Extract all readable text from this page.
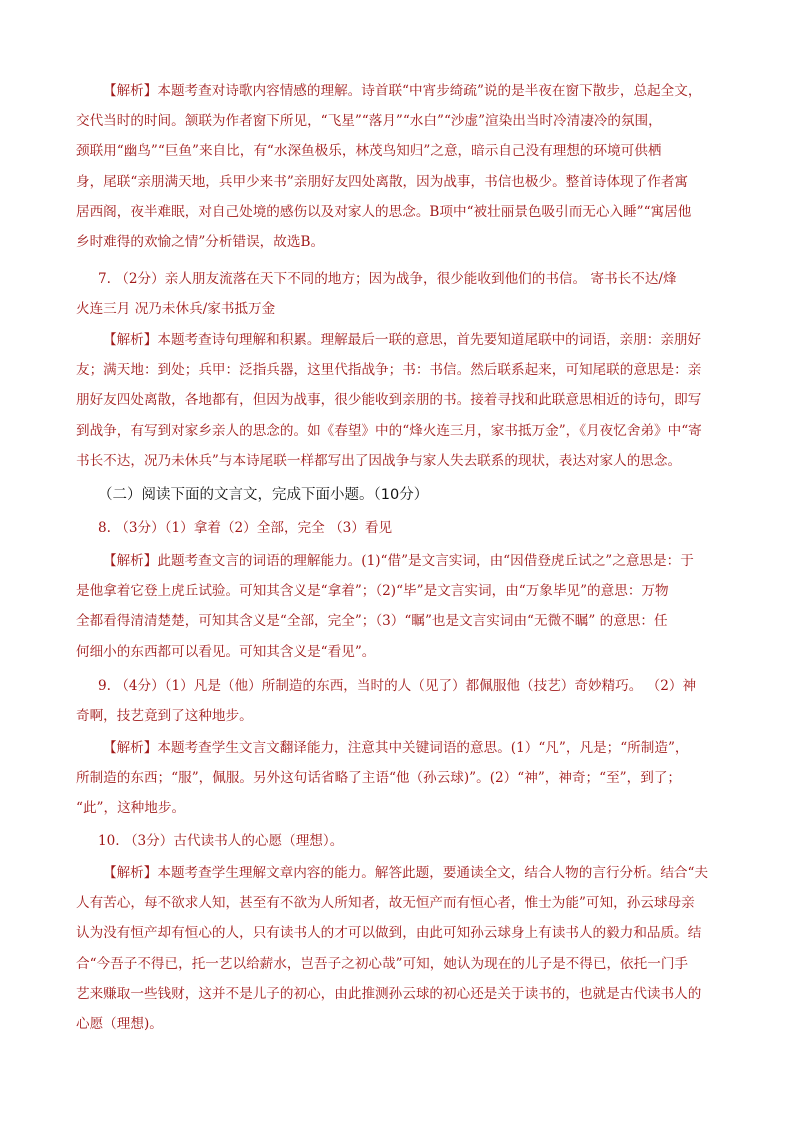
【解析】本题考查对诗歌内容情感的理解。诗首联“中宵步绮疏”说的是半夜在窗下散步，总起全文，
交代当时的时间。颔联为作者窗下所见，“飞星”“落月”“水白”“沙虚”渲染出当时冷清凄冷的氛围，
颈联用“幽鸟”“巨鱼”来自比，有“水深鱼极乐，林茂鸟知归”之意，暗示自己没有理想的环境可供栖
身，尾联“亲朋满天地，兵甲少来书”亲朋好友四处离散，因为战事，书信也极少。整首诗体现了作者寓
居西阁，夜半难眠，对自己处境的感伤以及对家人的思念。B项中“被壮丽景色吸引而无心入睡”“寓居他
乡时难得的欢愉之情”分析错误，故选B。
7. （2分）亲人朋友流落在天下不同的地方；因为战争，很少能收到他们的书信。 寄书长不达/烽
火连三月 况乃未休兵/家书抵万金
【解析】本题考查诗句理解和积累。理解最后一联的意思，首先要知道尾联中的词语，亲朋：亲朋好
友；满天地：到处；兵甲：泛指兵器，这里代指战争；书：书信。然后联系起来，可知尾联的意思是：亲
朋好友四处离散，各地都有，但因为战事，很少能收到亲朋的书。接着寻找和此联意思相近的诗句，即写
到战争，有写到对家乡亲人的思念的。如《春望》中的“烽火连三月，家书抵万金”，《月夜忆舍弟》中“寄
书长不达，况乃未休兵”与本诗尾联一样都写出了因战争与家人失去联系的现状，表达对家人的思念。
（二）阅读下面的文言文，完成下面小题。（10分）
8. （3分）（1）拿着（2）全部，完全 （3）看见
【解析】此题考查文言的词语的理解能力。(1)“借”是文言实词，由“因借登虎丘试之”之意思是：于
是他拿着它登上虎丘试验。可知其含义是“拿着”；（2)“毕”是文言实词，由“万象毕见”的意思：万物
全都看得清清楚楚，可知其含义是“全部，完全”；（3）“瞩”也是文言实词由“无微不瞩” 的意思：任
何细小的东西都可以看见。可知其含义是“看见”。
9. （4分）（1）凡是（他）所制造的东西，当时的人（见了）都佩服他（技艺）奇妙精巧。 （2）神
奇啊，技艺竟到了这种地步。
【解析】本题考查学生文言文翻译能力，注意其中关键词语的意思。(1）“凡”，凡是；“所制造”，
所制造的东西；“服”，佩服。另外这句话省略了主语“他（孙云球)”。(2）“神”，神奇；“至”，到了；
“此”，这种地步。
10. （3分）古代读书人的心愿（理想）。
【解析】本题考查学生理解文章内容的能力。解答此题，要通读全文，结合人物的言行分析。结合“夫
人有苦心，每不欲求人知，甚至有不欲为人所知者，故无恒产而有恒心者，惟士为能”可知，孙云球母亲
认为没有恒产却有恒心的人，只有读书人的才可以做到，由此可知孙云球身上有读书人的毅力和品质。结
合“今吾子不得已，托一艺以给薪水，岂吾子之初心哉”可知，她认为现在的儿子是不得已，依托一门手
艺来赚取一些钱财，这并不是儿子的初心，由此推测孙云球的初心还是关于读书的，也就是古代读书人的
心愿（理想)。
